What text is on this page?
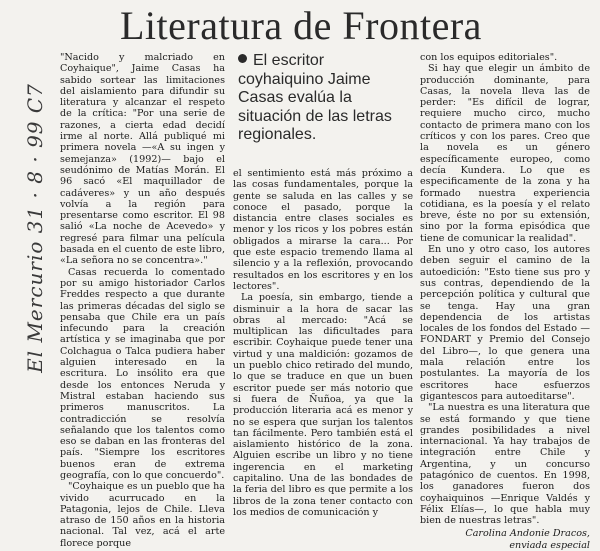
Literatura de Frontera
El Mercurio 31 · 8 · 99 C7

"Nacido y malcriado en Coyhaique", Jaime Casas ha sabido sortear las limitaciones del aislamiento para difundir su literatura y alcanzar el respeto de la crítica: "Por una serie de razones, a cierta edad decidí irme al norte. Allá publiqué mi primera novela —«A su ingen y semejanza» (1992)— bajo el seudónimo de Matías Morán. El 96 sacó «El maquillador de cadáveres» y un año después volvía a la región para presentarse como escritor. El 98 salió «La noche de Acevedo» y regresé para filmar una película basada en el cuento de este libro, «La señora no se concentra»."

Casas recuerda lo comentado por su amigo historiador Carlos Freddes respecto a que durante las primeras décadas del siglo se pensaba que Chile era un país infecundo para la creación artística y se imaginaba que por Colchagua o Talca pudiera haber alguien interesado en la escritura. Lo insólito era que desde los entonces Neruda y Mistral estaban haciendo sus primeros manuscritos. La contradicción se resolvía señalando que los talentos como eso se daban en las fronteras del país. "Siempre los escritores buenos eran de extrema geografía, con lo que concuerdo".

"Coyhaique es un pueblo que ha vivido acurrucado en la Patagonia, lejos de Chile. Lleva atraso de 150 años en la historia nacional. Tal vez, acá el arte florece porque

El escritor coyhaiquino Jaime Casas evalúa la situación de las letras regionales.

el sentimiento está más próximo a las cosas fundamentales, porque la gente se saluda en las calles y se conoce el pasado, porque la distancia entre clases sociales es menor y los ricos y los pobres están obligados a mirarse la cara... Por que este espacio tremendo llama al silencio y a la reflexión, provocando resultados en los escritores y en los lectores".

La poesía, sin embargo, tiende a disminuir a la hora de sacar las obras al mercado: "Acá se multiplican las dificultades para escribir. Coyhaique puede tener una virtud y una maldición: gozamos de un pueblo chico retirado del mundo, lo que se traduce en que un buen escritor puede ser más notorio que si fuera de Ñuñoa, ya que la producción literaria acá es menor y no se espera que surjan los talentos tan fácilmente. Pero también está el aislamiento histórico de la zona. Alguien escribe un libro y no tiene ingerencia en el marketing capitalino. Una de las bondades de la feria del libro es que permite a los libros de la zona tener contacto con los medios de comunicación y

con los equipos editoriales".

Si hay que elegir un ámbito de producción dominante, para Casas, la novela lleva las de perder: "Es difícil de lograr, requiere mucho circo, mucho contacto de primera mano con los críticos y con los pares. Creo que la novela es un género específicamente europeo, como decía Kundera. Lo que es especificamente de la zona y ha formado nuestra experiencia cotidiana, es la poesía y el relato breve, éste no por su extensión, sino por la forma episódica que tiene de comunicar la realidad".

En uno y otro caso, los autores deben seguir el camino de la autoedición: "Esto tiene sus pro y sus contras, dependiendo de la percepción política y cultural que se tenga. Hay una gran dependencia de los artistas locales de los fondos del Estado —FONDART y Premio del Consejo del Libro—, lo que genera una mala relación entre los postulantes. La mayoría de los escritores hace esfuerzos gigantescos para autoeditarse".

"La nuestra es una literatura que se está formando y que tiene grandes posibilidades a nivel internacional. Ya hay trabajos de integración entre Chile y Argentina, y un concurso patagónico de cuentos. En 1998, los ganadores fueron dos coyhaiquinos —Enrique Valdés y Félix Elías—, lo que habla muy bien de nuestras letras".

Carolina Andonie Dracos,
enviada especial
